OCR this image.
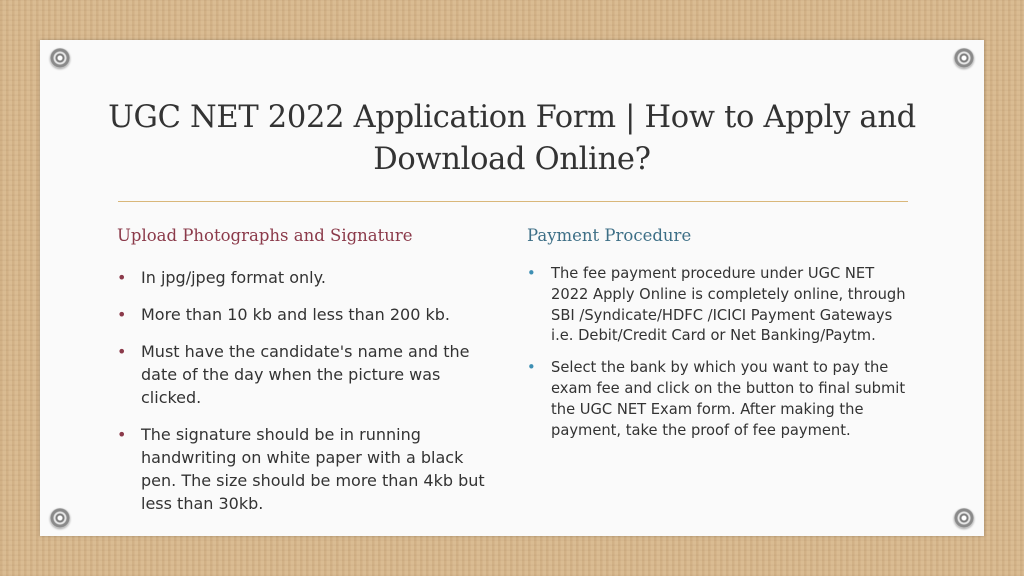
UGC NET 2022 Application Form | How to Apply and Download Online?
Upload Photographs and Signature
• In jpg/jpeg format only.
• More than 10 kb and less than 200 kb.
• Must have the candidate's name and the date of the day when the picture was clicked.
• The signature should be in running handwriting on white paper with a black pen. The size should be more than 4kb but less than 30kb.
Payment Procedure
• The fee payment procedure under UGC NET 2022 Apply Online is completely online, through SBI /Syndicate/HDFC /ICICI Payment Gateways i.e. Debit/Credit Card or Net Banking/Paytm.
• Select the bank by which you want to pay the exam fee and click on the button to final submit the UGC NET Exam form. After making the payment, take the proof of fee payment.
